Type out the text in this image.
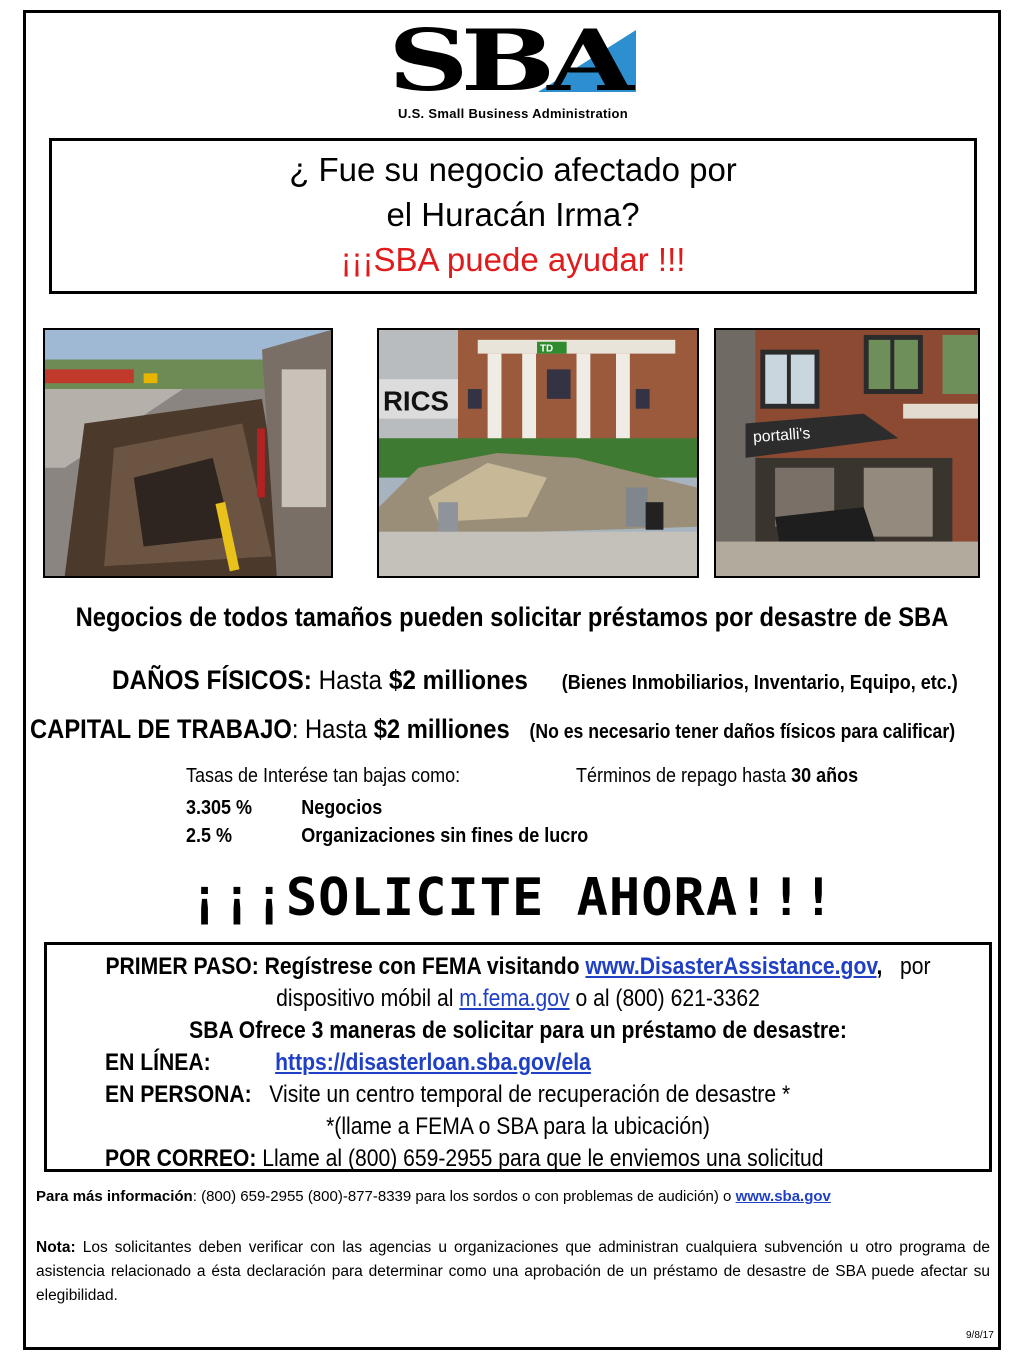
SBA
U.S. Small Business Administration
¿ Fue su negocio afectado por
el Huracán Irma?
¡¡¡SBA puede ayudar !!!
RICS
TD
portalli's
Negocios de todos tamaños pueden solicitar préstamos por desastre de SBA
DAÑOS FÍSICOS: Hasta $2 milliones (Bienes Inmobiliarios, Inventario, Equipo, etc.)
CAPITAL DE TRABAJO: Hasta $2 milliones (No es necesario tener daños físicos para calificar)
Tasas de Interése tan bajas como:	Términos de repago hasta 30 años
3.305 % Negocios
2.5 %	Organizaciones sin fines de lucro
¡¡¡SOLICITE AHORA!!!
PRIMER PASO: Regístrese con FEMA visitando www.DisasterAssistance.gov, por
dispositivo móbil al m.fema.gov o al (800) 621-3362
SBA Ofrece 3 maneras de solicitar para un préstamo de desastre:
EN LÍNEA:	https://disasterloan.sba.gov/ela
EN PERSONA: Visite un centro temporal de recuperación de desastre *
*(llame a FEMA o SBA para la ubicación)
POR CORREO: Llame al (800) 659-2955 para que le enviemos una solicitud
Para más información: (800) 659-2955 (800)-877-8339 para los sordos o con problemas de audición) o www.sba.gov
Nota: Los solicitantes deben verificar con las agencias u organizaciones que administran cualquiera subvención u otro programa de asistencia relacionado a ésta declaración para determinar como una aprobación de un préstamo de desastre de SBA puede afectar su elegibilidad.
9/8/17
